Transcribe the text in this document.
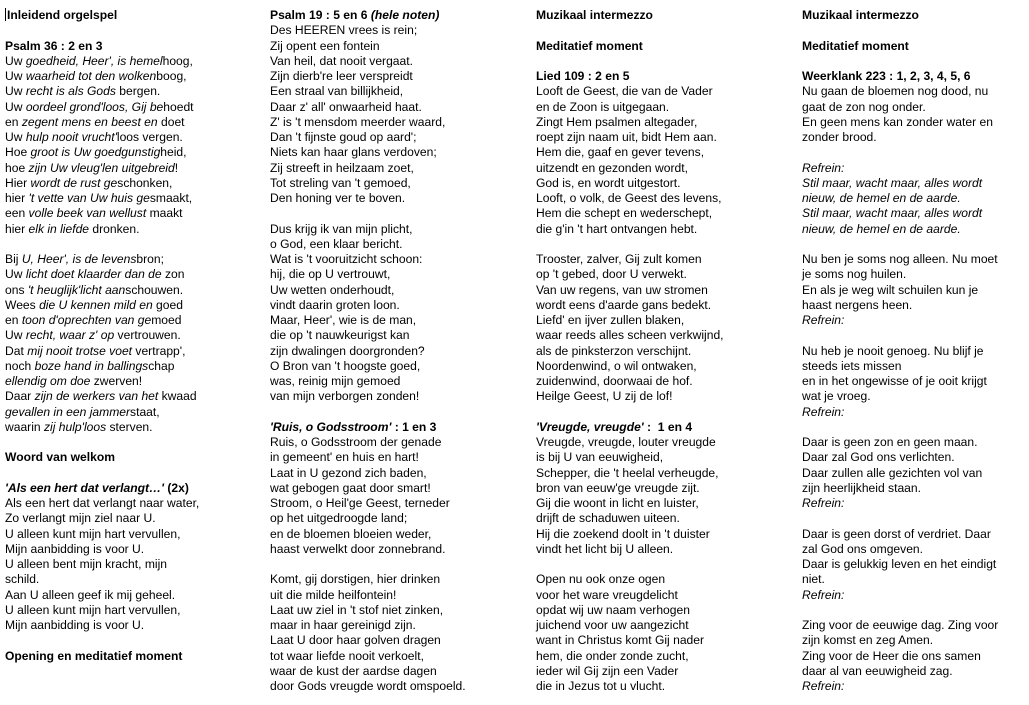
Inleidend orgelspel
Psalm 36 : 2 en 3
Uw goedheid, Heer', is hemelhoog,
Uw waarheid tot den wolkenboog,
Uw recht is als Gods bergen.
Uw oordeel grond'loos, Gij behoedt
en zegent mens en beest en doet
Uw hulp nooit vrucht'loos vergen.
Hoe groot is Uw goedgunstigheid,
hoe zijn Uw vleug'len uitgebreid!
Hier wordt de rust geschonken,
hier 't vette van Uw huis gesmaakt,
een volle beek van wellust maakt
hier elk in liefde dronken.
Bij U, Heer', is de levensbron;
Uw licht doet klaarder dan de zon
ons 't heuglijk'licht aanschouwen.
Wees die U kennen mild en goed
en toon d'oprechten van gemoed
Uw recht, waar z' op vertrouwen.
Dat mij nooit trotse voet vertrapp',
noch boze hand in ballingschap
ellendig om doe zwerven!
Daar zijn de werkers van het kwaad
gevallen in een jammerstaat,
waarin zij hulp'loos sterven.
Woord van welkom
'Als een hert dat verlangt…' (2x)
Als een hert dat verlangt naar water,
Zo verlangt mijn ziel naar U.
U alleen kunt mijn hart vervullen,
Mijn aanbidding is voor U.
U alleen bent mijn kracht, mijn
schild.
Aan U alleen geef ik mij geheel.
U alleen kunt mijn hart vervullen,
Mijn aanbidding is voor U.
Opening en meditatief moment
Psalm 19 : 5 en 6 (hele noten)
Des HEEREN vrees is rein;
Zij opent een fontein
Van heil, dat nooit vergaat.
Zijn dierb're leer verspreidt
Een straal van billijkheid,
Daar z' all' onwaarheid haat.
Z' is 't mensdom meerder waard,
Dan 't fijnste goud op aard';
Niets kan haar glans verdoven;
Zij streeft in heilzaam zoet,
Tot streling van 't gemoed,
Den honing ver te boven.
Dus krijg ik van mijn plicht,
o God, een klaar bericht.
Wat is 't vooruitzicht schoon:
hij, die op U vertrouwt,
Uw wetten onderhoudt,
vindt daarin groten loon.
Maar, Heer', wie is de man,
die op 't nauwkeurigst kan
zijn dwalingen doorgronden?
O Bron van 't hoogste goed,
was, reinig mijn gemoed
van mijn verborgen zonden!
'Ruis, o Godsstroom' : 1 en 3
Ruis, o Godsstroom der genade
in gemeent' en huis en hart!
Laat in U gezond zich baden,
wat gebogen gaat door smart!
Stroom, o Heil'ge Geest, terneder
op het uitgedroogde land;
en de bloemen bloeien weder,
haast verwelkt door zonnebrand.
Komt, gij dorstigen, hier drinken
uit die milde heilfontein!
Laat uw ziel in 't stof niet zinken,
maar in haar gereinigd zijn.
Laat U door haar golven dragen
tot waar liefde nooit verkoelt,
waar de kust der aardse dagen
door Gods vreugde wordt omspoeld.
Muzikaal intermezzo
Meditatief moment
Lied 109 : 2 en 5
Looft de Geest, die van de Vader
en de Zoon is uitgegaan.
Zingt Hem psalmen altegader,
roept zijn naam uit, bidt Hem aan.
Hem die, gaaf en gever tevens,
uitzendt en gezonden wordt,
God is, en wordt uitgestort.
Looft, o volk, de Geest des levens,
Hem die schept en wederschept,
die g'in 't hart ontvangen hebt.
Trooster, zalver, Gij zult komen
op 't gebed, door U verwekt.
Van uw regens, van uw stromen
wordt eens d'aarde gans bedekt.
Liefd' en ijver zullen blaken,
waar reeds alles scheen verkwijnd,
als de pinksterzon verschijnt.
Noordenwind, o wil ontwaken,
zuidenwind, doorwaai de hof.
Heilge Geest, U zij de lof!
'Vreugde, vreugde' :  1 en 4
Vreugde, vreugde, louter vreugde
is bij U van eeuwigheid,
Schepper, die 't heelal verheugde,
bron van eeuw'ge vreugde zijt.
Gij die woont in licht en luister,
drijft de schaduwen uiteen.
Hij die zoekend doolt in 't duister
vindt het licht bij U alleen.
Open nu ook onze ogen
voor het ware vreugdelicht
opdat wij uw naam verhogen
juichend voor uw aangezicht
want in Christus komt Gij nader
hem, die onder zonde zucht,
ieder wil Gij zijn een Vader
die in Jezus tot u vlucht.
Muzikaal intermezzo
Meditatief moment
Weerklank 223 : 1, 2, 3, 4, 5, 6
Nu gaan de bloemen nog dood, nu
gaat de zon nog onder.
En geen mens kan zonder water en
zonder brood.
Refrein:
Stil maar, wacht maar, alles wordt
nieuw, de hemel en de aarde.
Stil maar, wacht maar, alles wordt
nieuw, de hemel en de aarde.
Nu ben je soms nog alleen. Nu moet
je soms nog huilen.
En als je weg wilt schuilen kun je
haast nergens heen.
Refrein:
Nu heb je nooit genoeg. Nu blijf je
steeds iets missen
en in het ongewisse of je ooit krijgt
wat je vroeg.
Refrein:
Daar is geen zon en geen maan.
Daar zal God ons verlichten.
Daar zullen alle gezichten vol van
zijn heerlijkheid staan.
Refrein:
Daar is geen dorst of verdriet. Daar
zal God ons omgeven.
Daar is gelukkig leven en het eindigt
niet.
Refrein:
Zing voor de eeuwige dag. Zing voor
zijn komst en zeg Amen.
Zing voor de Heer die ons samen
daar al van eeuwigheid zag.
Refrein:
